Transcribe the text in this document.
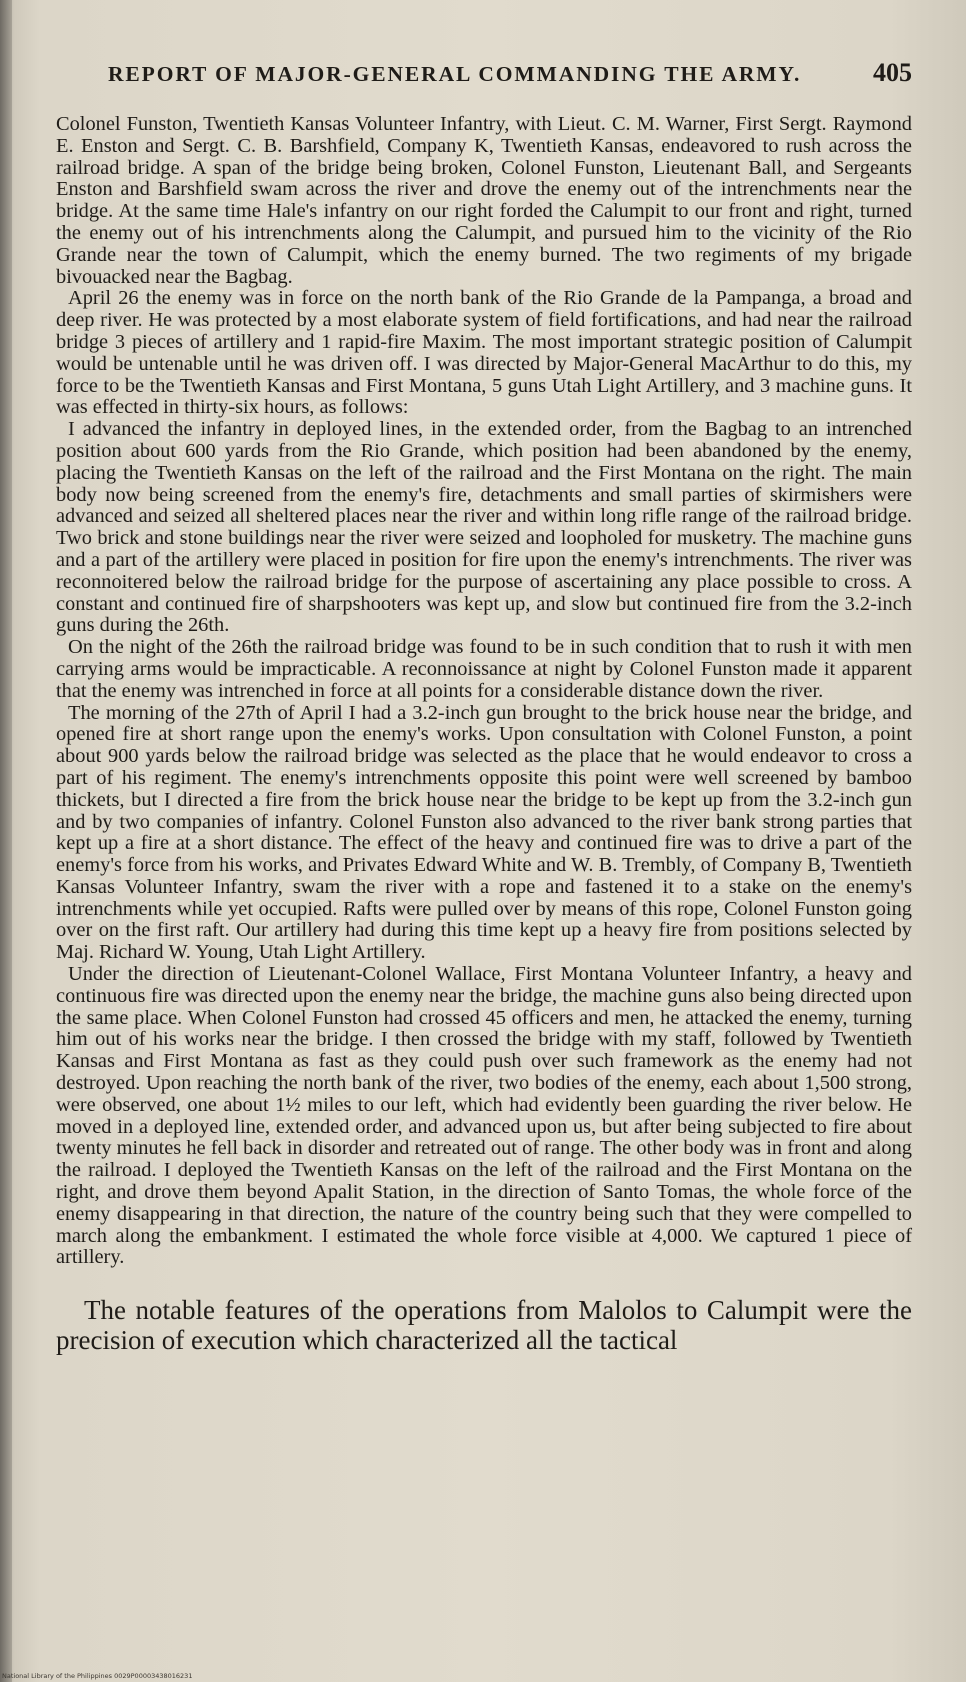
REPORT OF MAJOR-GENERAL COMMANDING THE ARMY.	405

Colonel Funston, Twentieth Kansas Volunteer Infantry, with Lieut. C. M. Warner, First Sergt. Raymond E. Enston and Sergt. C. B. Barshfield, Company K, Twentieth Kansas, endeavored to rush across the railroad bridge. A span of the bridge being broken, Colonel Funston, Lieutenant Ball, and Sergeants Enston and Barshfield swam across the river and drove the enemy out of the intrenchments near the bridge. At the same time Hale's infantry on our right forded the Calumpit to our front and right, turned the enemy out of his intrenchments along the Calumpit, and pursued him to the vicinity of the Rio Grande near the town of Calumpit, which the enemy burned. The two regiments of my brigade bivouacked near the Bagbag.

April 26 the enemy was in force on the north bank of the Rio Grande de la Pampanga, a broad and deep river. He was protected by a most elaborate system of field fortifications, and had near the railroad bridge 3 pieces of artillery and 1 rapid-fire Maxim. The most important strategic position of Calumpit would be untenable until he was driven off. I was directed by Major-General MacArthur to do this, my force to be the Twentieth Kansas and First Montana, 5 guns Utah Light Artillery, and 3 machine guns. It was effected in thirty-six hours, as follows:

I advanced the infantry in deployed lines, in the extended order, from the Bagbag to an intrenched position about 600 yards from the Rio Grande, which position had been abandoned by the enemy, placing the Twentieth Kansas on the left of the railroad and the First Montana on the right. The main body now being screened from the enemy's fire, detachments and small parties of skirmishers were advanced and seized all sheltered places near the river and within long rifle range of the railroad bridge. Two brick and stone buildings near the river were seized and loopholed for musketry. The machine guns and a part of the artillery were placed in position for fire upon the enemy's intrenchments. The river was reconnoitered below the railroad bridge for the purpose of ascertaining any place possible to cross. A constant and continued fire of sharpshooters was kept up, and slow but continued fire from the 3.2-inch guns during the 26th.

On the night of the 26th the railroad bridge was found to be in such condition that to rush it with men carrying arms would be impracticable. A reconnoissance at night by Colonel Funston made it apparent that the enemy was intrenched in force at all points for a considerable distance down the river.

The morning of the 27th of April I had a 3.2-inch gun brought to the brick house near the bridge, and opened fire at short range upon the enemy's works. Upon consultation with Colonel Funston, a point about 900 yards below the railroad bridge was selected as the place that he would endeavor to cross a part of his regiment. The enemy's intrenchments opposite this point were well screened by bamboo thickets, but I directed a fire from the brick house near the bridge to be kept up from the 3.2-inch gun and by two companies of infantry. Colonel Funston also advanced to the river bank strong parties that kept up a fire at a short distance. The effect of the heavy and continued fire was to drive a part of the enemy's force from his works, and Privates Edward White and W. B. Trembly, of Company B, Twentieth Kansas Volunteer Infantry, swam the river with a rope and fastened it to a stake on the enemy's intrenchments while yet occupied. Rafts were pulled over by means of this rope, Colonel Funston going over on the first raft. Our artillery had during this time kept up a heavy fire from positions selected by Maj. Richard W. Young, Utah Light Artillery.

Under the direction of Lieutenant-Colonel Wallace, First Montana Volunteer Infantry, a heavy and continuous fire was directed upon the enemy near the bridge, the machine guns also being directed upon the same place. When Colonel Funston had crossed 45 officers and men, he attacked the enemy, turning him out of his works near the bridge. I then crossed the bridge with my staff, followed by Twentieth Kansas and First Montana as fast as they could push over such framework as the enemy had not destroyed. Upon reaching the north bank of the river, two bodies of the enemy, each about 1,500 strong, were observed, one about 1½ miles to our left, which had evidently been guarding the river below. He moved in a deployed line, extended order, and advanced upon us, but after being subjected to fire about twenty minutes he fell back in disorder and retreated out of range. The other body was in front and along the railroad. I deployed the Twentieth Kansas on the left of the railroad and the First Montana on the right, and drove them beyond Apalit Station, in the direction of Santo Tomas, the whole force of the enemy disappearing in that direction, the nature of the country being such that they were compelled to march along the embankment. I estimated the whole force visible at 4,000. We captured 1 piece of artillery.

The notable features of the operations from Malolos to Calumpit were the precision of execution which characterized all the tactical

National Library of the Philippines 0029P00003438016231
